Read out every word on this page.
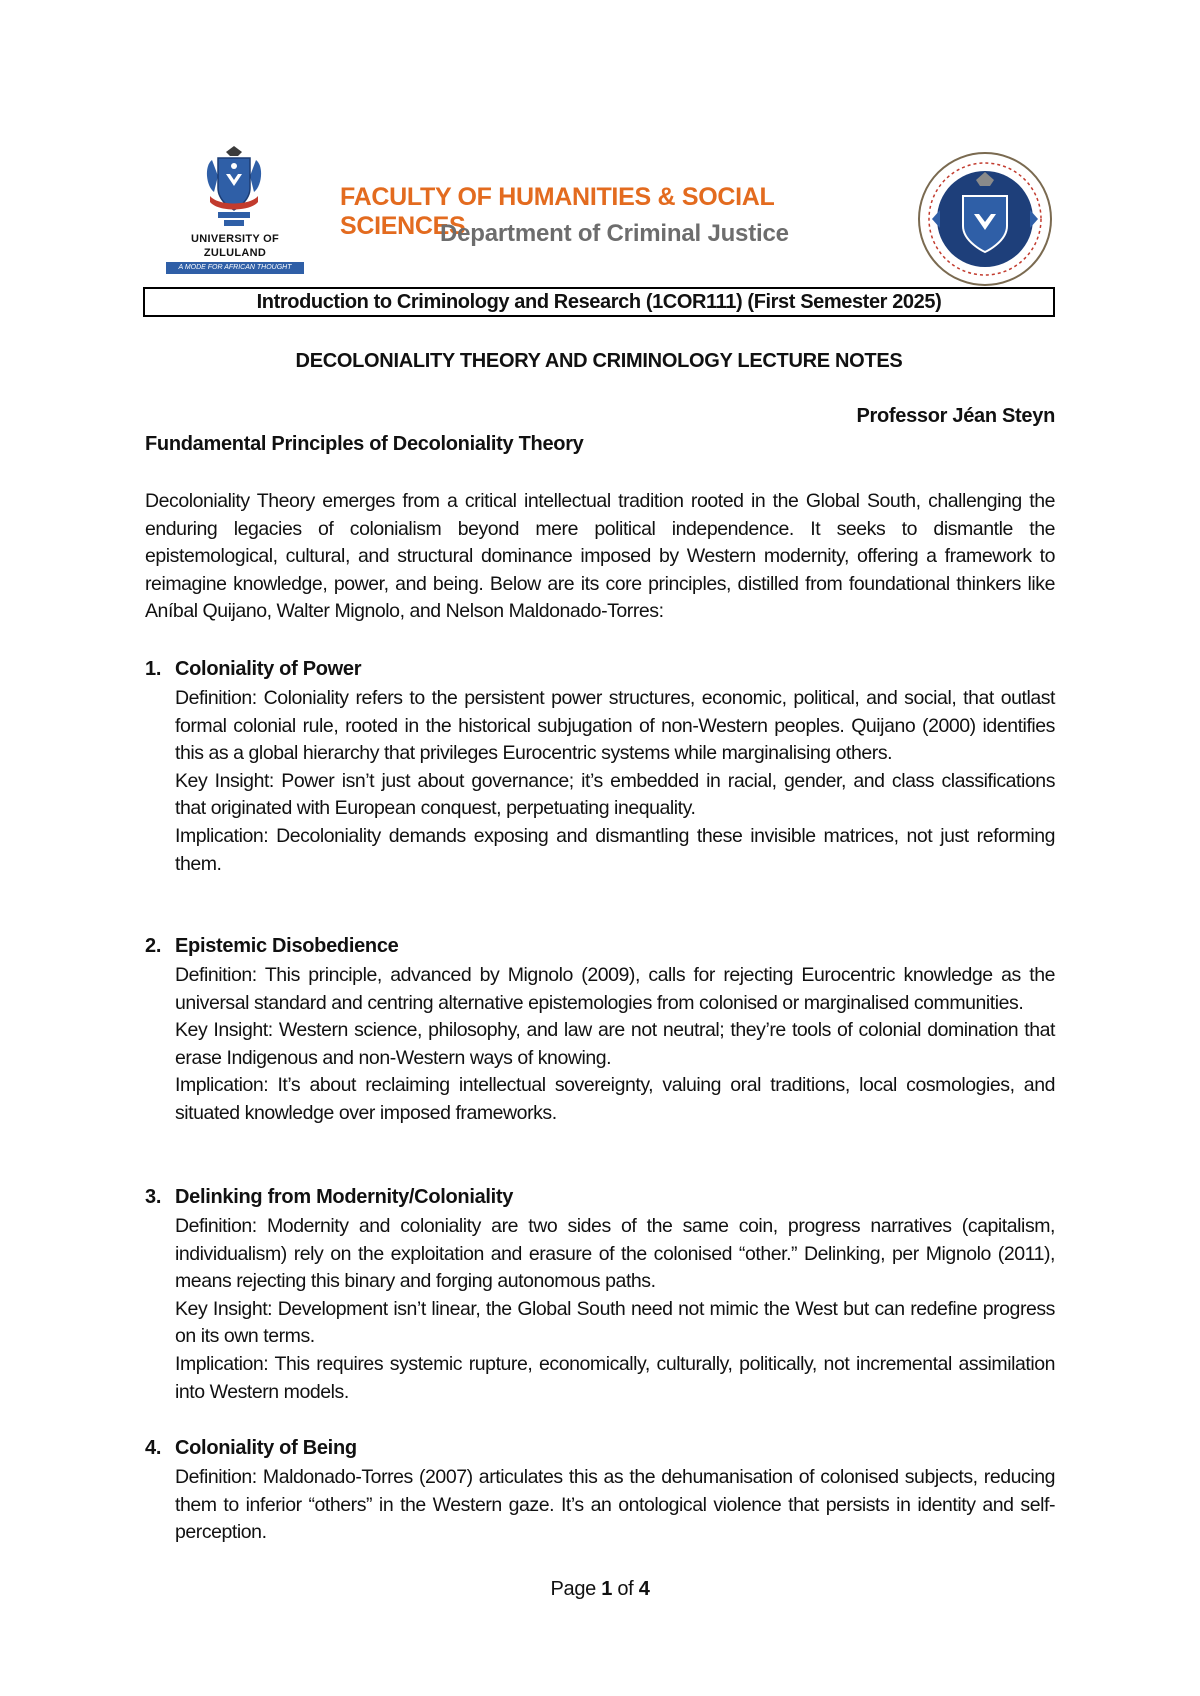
UNIVERSITY OF ZULULAND
A MODE FOR AFRICAN THOUGHT
FACULTY OF HUMANITIES & SOCIAL SCIENCES
Department of Criminal Justice
Introduction to Criminology and Research (1COR111) (First Semester 2025)
DECOLONIALITY THEORY AND CRIMINOLOGY LECTURE NOTES
Professor Jéan Steyn
Fundamental Principles of Decoloniality Theory

Decoloniality Theory emerges from a critical intellectual tradition rooted in the Global South, challenging the enduring legacies of colonialism beyond mere political independence. It seeks to dismantle the epistemological, cultural, and structural dominance imposed by Western modernity, offering a framework to reimagine knowledge, power, and being. Below are its core principles, distilled from foundational thinkers like Aníbal Quijano, Walter Mignolo, and Nelson Maldonado-Torres:

1. Coloniality of Power

Definition: Coloniality refers to the persistent power structures, economic, political, and social, that outlast formal colonial rule, rooted in the historical subjugation of non-Western peoples. Quijano (2000) identifies this as a global hierarchy that privileges Eurocentric systems while marginalising others.
Key Insight: Power isn’t just about governance; it’s embedded in racial, gender, and class classifications that originated with European conquest, perpetuating inequality.
Implication: Decoloniality demands exposing and dismantling these invisible matrices, not just reforming them.

2. Epistemic Disobedience

Definition: This principle, advanced by Mignolo (2009), calls for rejecting Eurocentric knowledge as the universal standard and centring alternative epistemologies from colonised or marginalised communities.
Key Insight: Western science, philosophy, and law are not neutral; they’re tools of colonial domination that erase Indigenous and non-Western ways of knowing.
Implication: It’s about reclaiming intellectual sovereignty, valuing oral traditions, local cosmologies, and situated knowledge over imposed frameworks.

3. Delinking from Modernity/Coloniality

Definition: Modernity and coloniality are two sides of the same coin, progress narratives (capitalism, individualism) rely on the exploitation and erasure of the colonised “other.” Delinking, per Mignolo (2011), means rejecting this binary and forging autonomous paths.
Key Insight: Development isn’t linear, the Global South need not mimic the West but can redefine progress on its own terms.
Implication: This requires systemic rupture, economically, culturally, politically, not incremental assimilation into Western models.

4. Coloniality of Being

Definition: Maldonado-Torres (2007) articulates this as the dehumanisation of colonised subjects, reducing them to inferior “others” in the Western gaze. It’s an ontological violence that persists in identity and self-perception.

Page 1 of 4
